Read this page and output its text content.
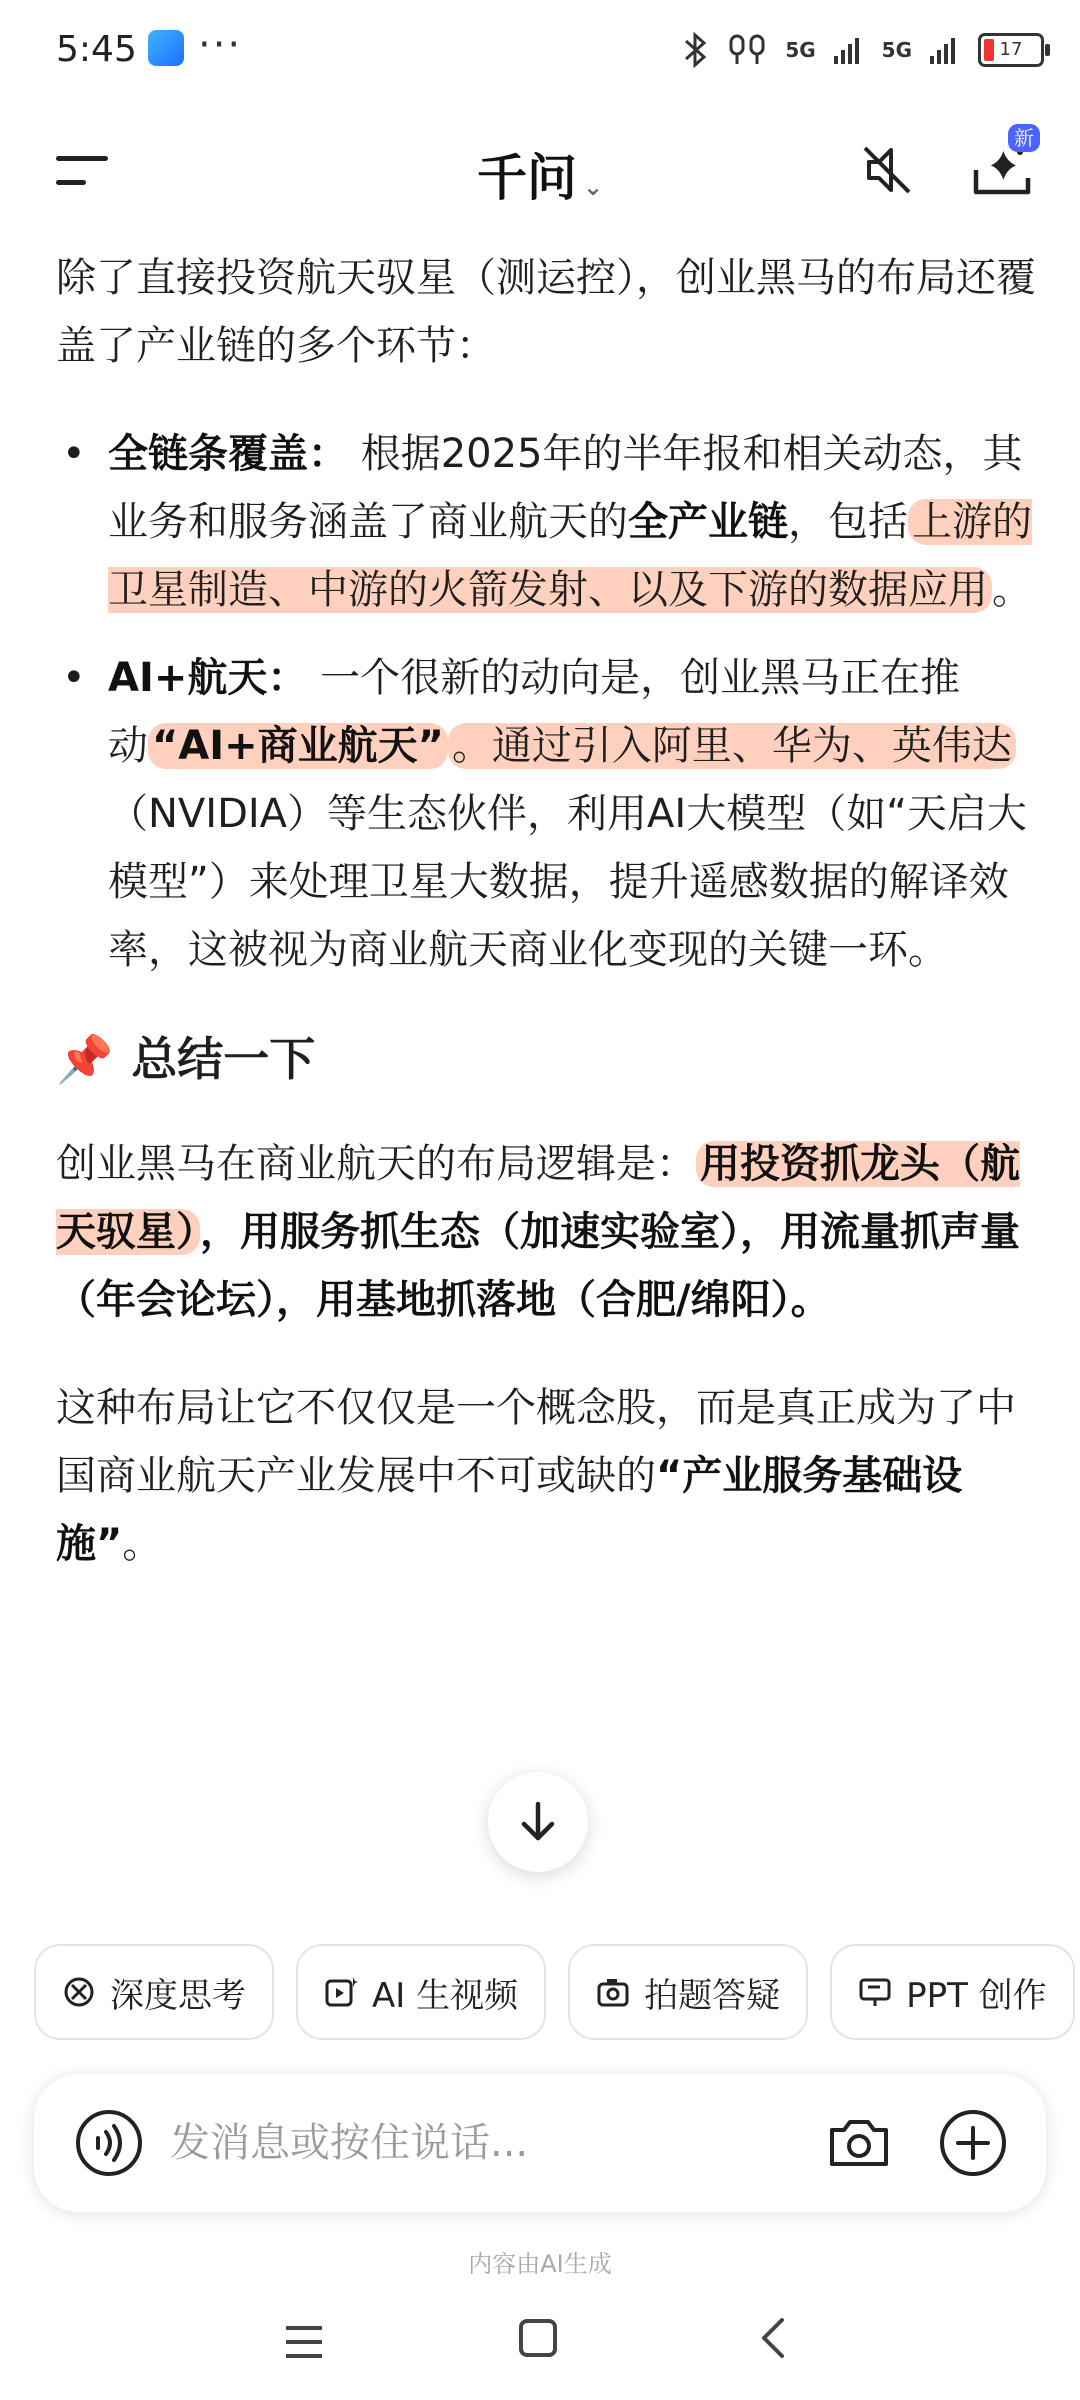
5:45 ···	5G	5G	17
千问 ⌄
新

除了直接投资航天驭星（测运控），创业黑马的布局还覆盖了产业链的多个环节：

• 全链条覆盖： 根据2025年的半年报和相关动态，其业务和服务涵盖了商业航天的全产业链，包括 上游的卫星制造、中游的火箭发射、以及下游的数据应用 。
• AI+航天： 一个很新的动向是，创业黑马正在推动 “AI+商业航天” 。通过引入阿里、华为、英伟达（NVIDIA）等生态伙伴，利用AI大模型（如“天启大模型”）来处理卫星大数据，提升遥感数据的解译效率，这被视为商业航天商业化变现的关键一环。
📌 总结一下

创业黑马在商业航天的布局逻辑是： 用投资抓龙头（航天驭星） ，用服务抓生态（加速实验室），用流量抓声量（年会论坛），用基地抓落地（合肥/绵阳）。

这种布局让它不仅仅是一个概念股，而是真正成为了中国商业航天产业发展中不可或缺的“产业服务基础设施”。

深度思考	AI 生视频	拍题答疑	PPT 创作
发消息或按住说话...
内容由AI生成
